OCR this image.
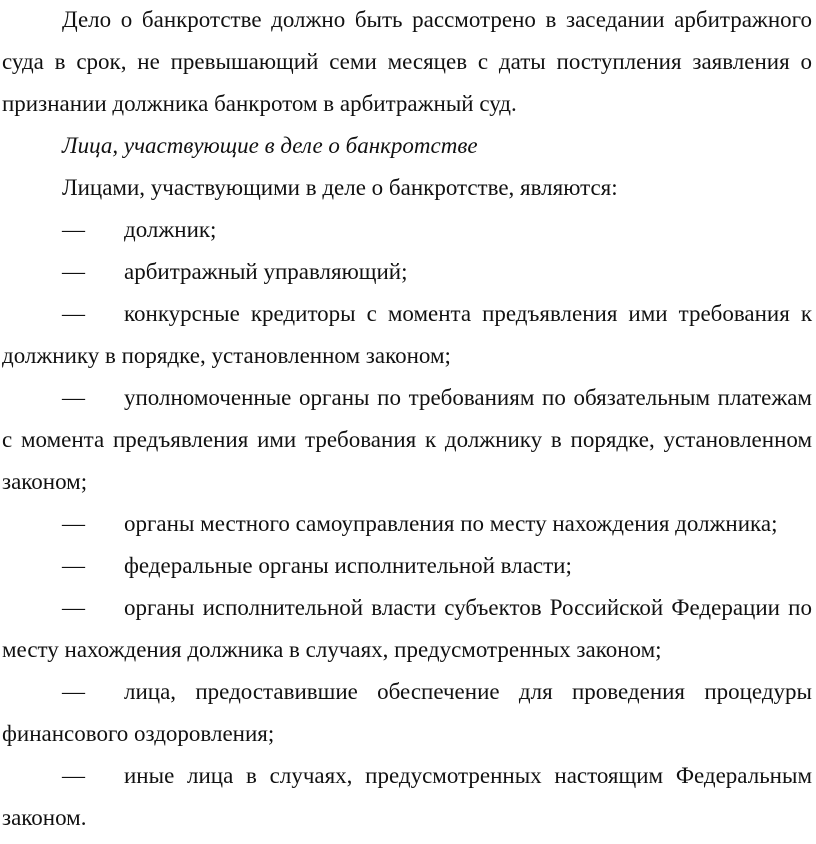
Дело о банкротстве должно быть рассмотрено в заседании арбитражного суда в срок, не превышающий семи месяцев с даты поступления заявления о признании должника банкротом в арбитражный суд.

Лица, участвующие в деле о банкротстве

Лицами, участвующими в деле о банкротстве, являются:

— должник;

— арбитражный управляющий;

— конкурсные кредиторы с момента предъявления ими требования к должнику в порядке, установленном законом;

— уполномоченные органы по требованиям по обязательным платежам с момента предъявления ими требования к должнику в порядке, установленном законом;

— органы местного самоуправления по месту нахождения должника;

— федеральные органы исполнительной власти;

— органы исполнительной власти субъектов Российской Федерации по месту нахождения должника в случаях, предусмотренных законом;

— лица, предоставившие обеспечение для проведения процедуры финансового оздоровления;

— иные лица в случаях, предусмотренных настоящим Федеральным законом.
